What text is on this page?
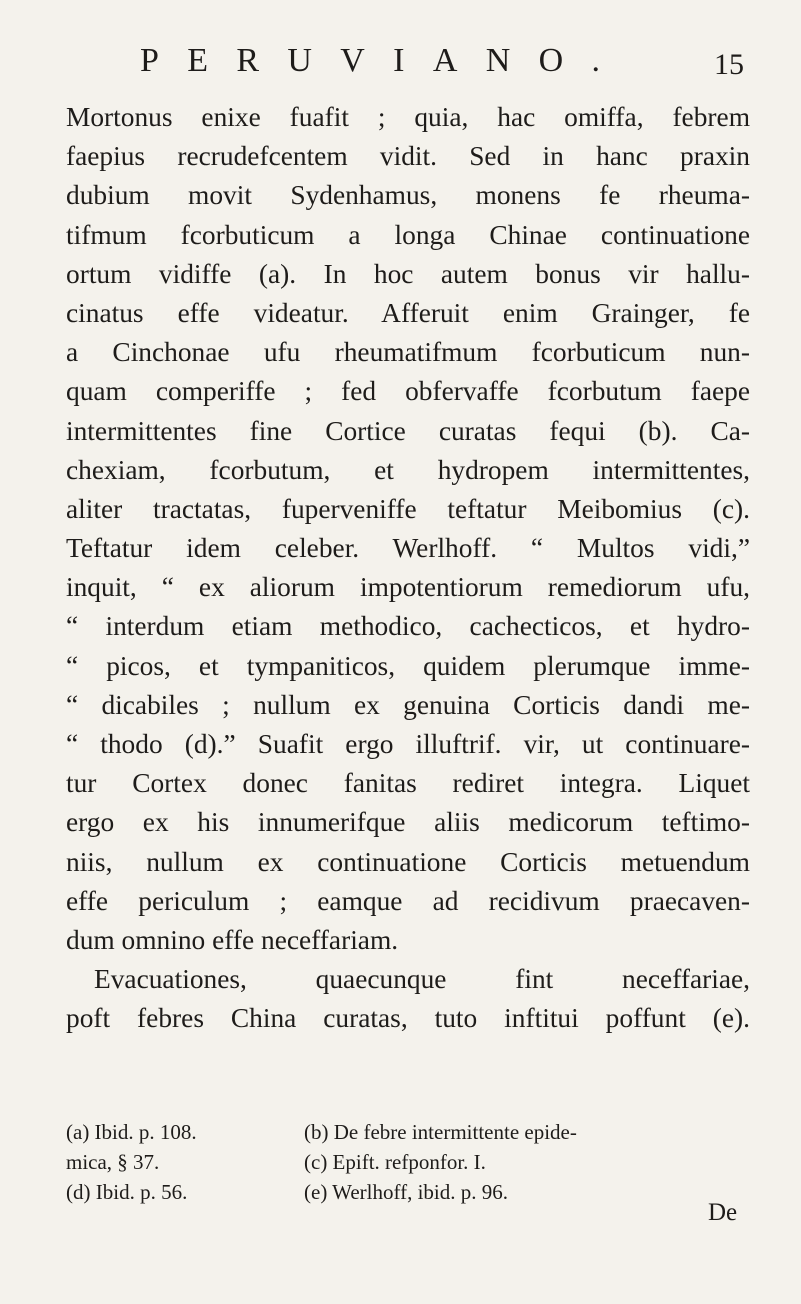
P E R U V I A N O .	15
Mortonus enixe fuafit ; quia, hac omiffa, febrem
faepius recrudefcentem vidit. Sed in hanc praxin
dubium movit Sydenhamus, monens fe rheuma-
tifmum fcorbuticum a longa Chinae continuatione
ortum vidiffe (a). In hoc autem bonus vir hallu-
cinatus effe videatur. Afferuit enim Grainger, fe
a Cinchonae ufu rheumatifmum fcorbuticum nun-
quam comperiffe ; fed obfervaffe fcorbutum faepe
intermittentes fine Cortice curatas fequi (b). Ca-
chexiam, fcorbutum, et hydropem intermittentes,
aliter tractatas, fuperveniffe teftatur Meibomius (c).
Teftatur idem celeber. Werlhoff. “ Multos vidi,”
inquit, “ ex aliorum impotentiorum remediorum ufu,
“ interdum etiam methodico, cachecticos, et hydro-
“ picos, et tympaniticos, quidem plerumque imme-
“ dicabiles ; nullum ex genuina Corticis dandi me-
“ thodo (d).” Suafit ergo illuftrif. vir, ut continuare-
tur Cortex donec fanitas rediret integra. Liquet
ergo ex his innumerifque aliis medicorum teftimo-
niis, nullum ex continuatione Corticis metuendum
effe periculum ; eamque ad recidivum praecaven-
dum omnino effe neceffariam.
Evacuationes, quaecunque fint neceffariae,
poft febres China curatas, tuto inftitui poffunt (e).
(a) Ibid. p. 108.	(b) De febre intermittente epide-
mica, § 37.	(c) Epift. refponfor. I.
(d) Ibid. p. 56.	(e) Werlhoff, ibid. p. 96.
De
